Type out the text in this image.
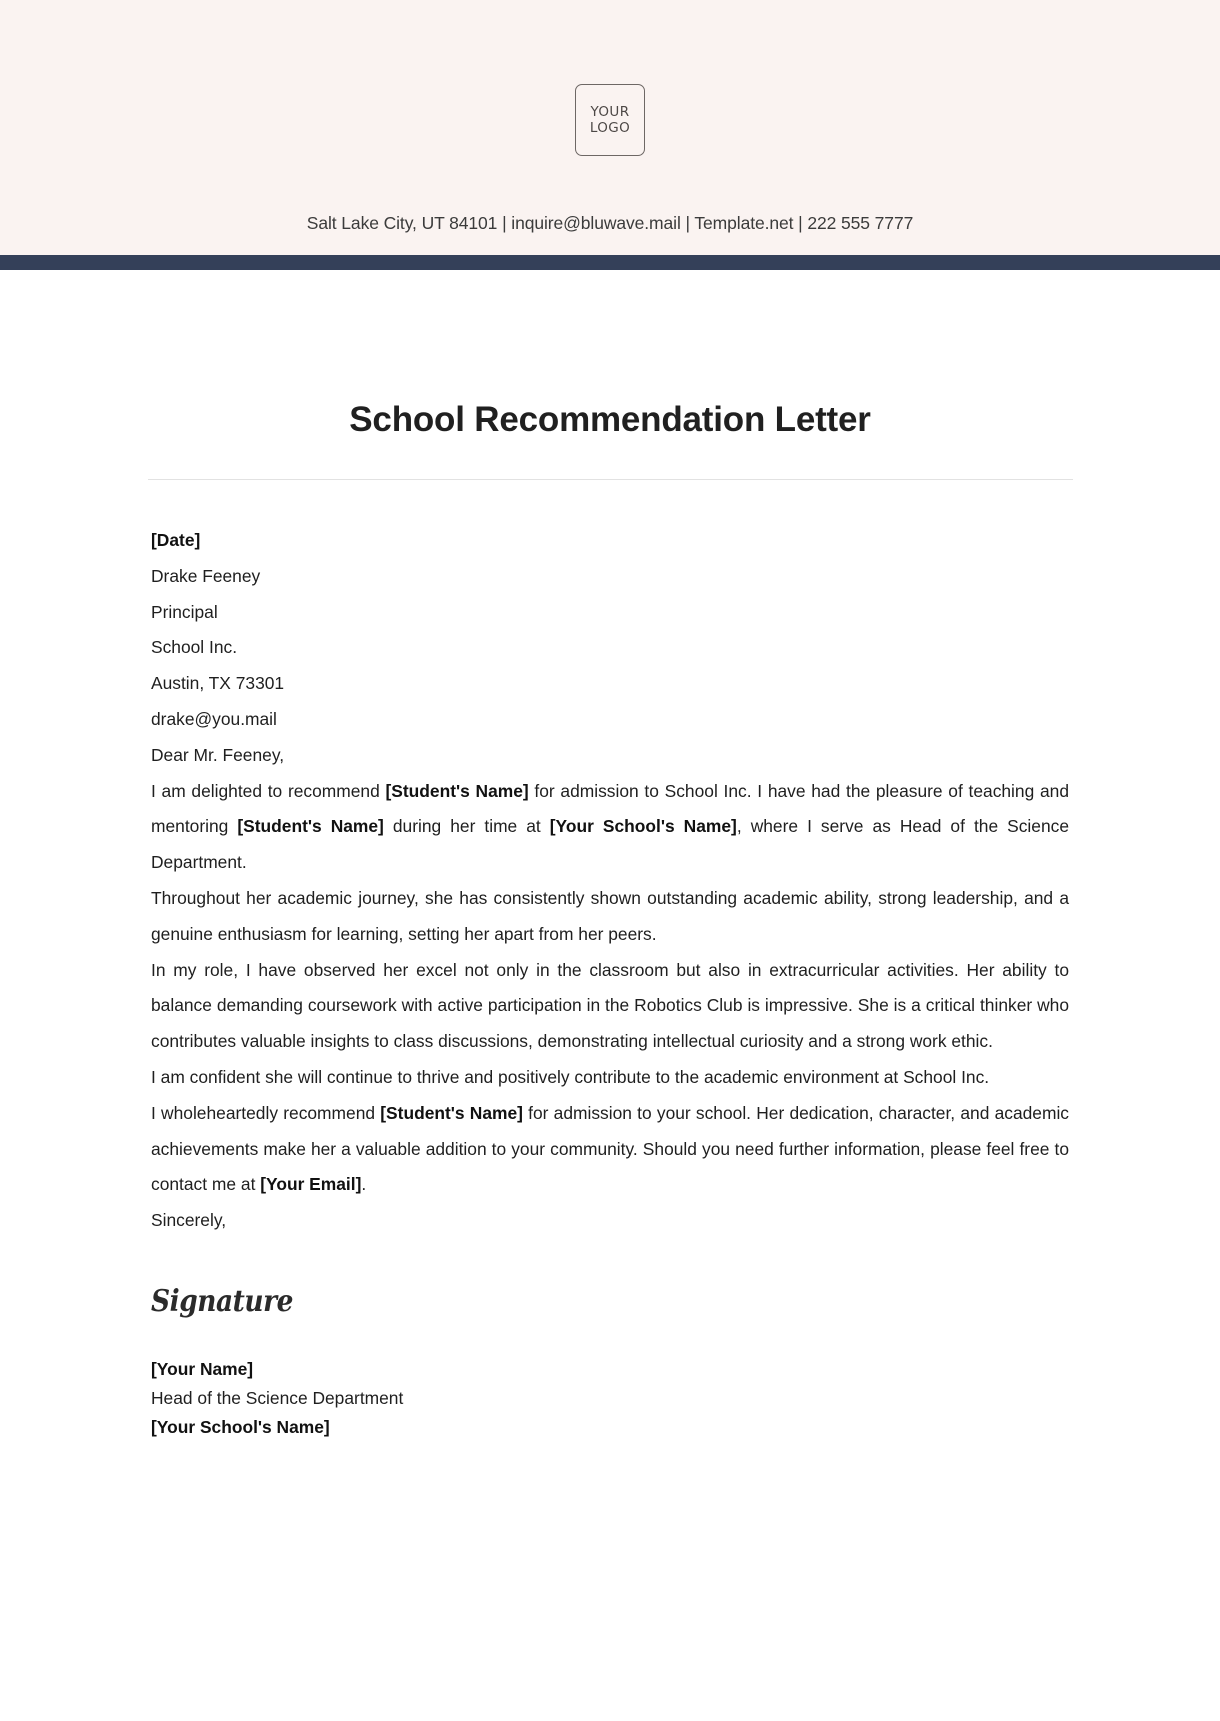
YOUR
LOGO
Salt Lake City, UT 84101 | inquire@bluwave.mail | Template.net | 222 555 7777
School Recommendation Letter

[Date]

Drake Feeney

Principal

School Inc.

Austin, TX 73301

drake@you.mail

Dear Mr. Feeney,

I am delighted to recommend [Student's Name] for admission to School Inc. I have had the pleasure of teaching and mentoring [Student's Name] during her time at [Your School's Name], where I serve as Head of the Science Department.

Throughout her academic journey, she has consistently shown outstanding academic ability, strong leadership, and a genuine enthusiasm for learning, setting her apart from her peers.

In my role, I have observed her excel not only in the classroom but also in extracurricular activities. Her ability to balance demanding coursework with active participation in the Robotics Club is impressive. She is a critical thinker who contributes valuable insights to class discussions, demonstrating intellectual curiosity and a strong work ethic.

I am confident she will continue to thrive and positively contribute to the academic environment at School Inc.

I wholeheartedly recommend [Student's Name] for admission to your school. Her dedication, character, and academic achievements make her a valuable addition to your community. Should you need further information, please feel free to contact me at [Your Email].

Sincerely,

Signature
[Your Name]
Head of the Science Department
[Your School's Name]
